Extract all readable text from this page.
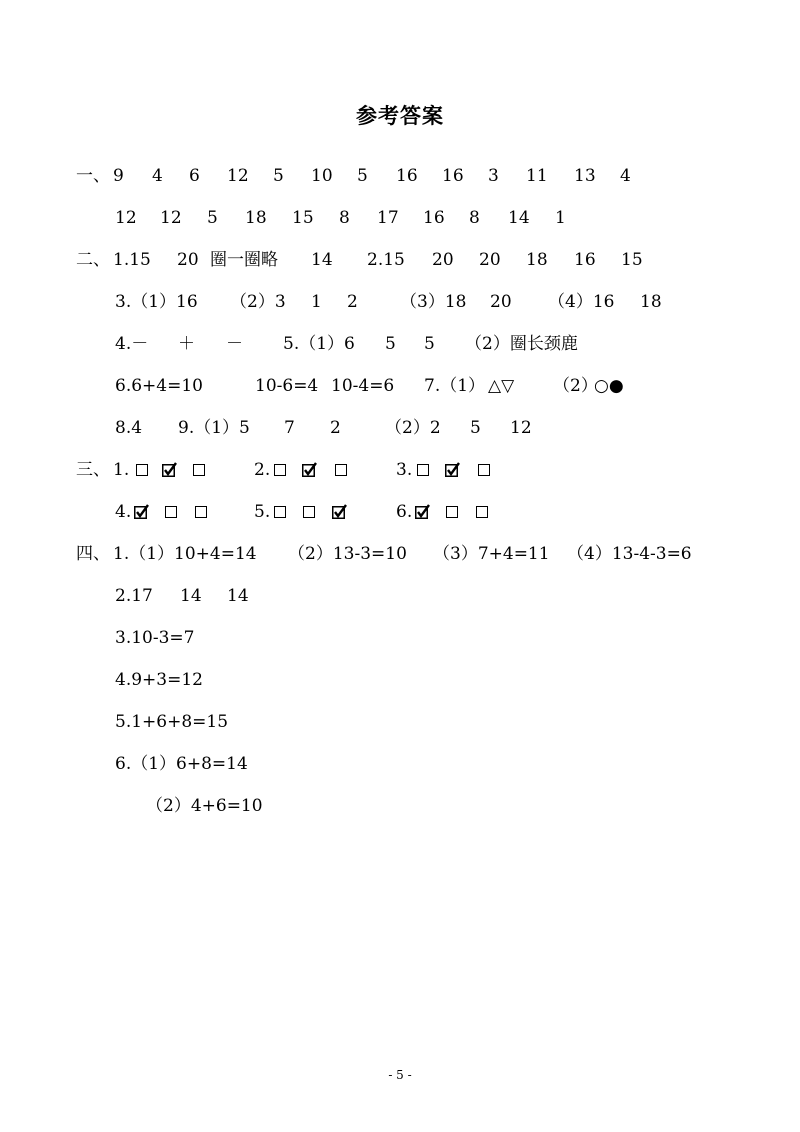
参考答案
一、 9 4 6 12 5 10 5 16 16 3 11 13 4
12 12 5 18 15 8 17 16 8 14 1
二、 1.15 20 圈一圈略 14 2.15 20 20 18 16 15
3.（1）16 （2）3 1 2 （3）18 20 （4）16 18
4.－ ＋ － 5.（1）6 5 5 （2）圈长颈鹿
6.6+4=10	10-6=4 10-4=6 7.（1） △▽ （2）
○●
8.4 9.（1）5 7 2	（2）2 5 12
三、 1.
	2.
	3.

4.
	5.
	6.

四、 1.（1）10+4=14 （2）13-3=10 （3）7+4=11 （4）13-4-3=6
2.17 14 14
3.10-3=7
4.9+3=12
5.1+6+8=15
6.（1）6+8=14
（2）4+6=10
- 5 -
